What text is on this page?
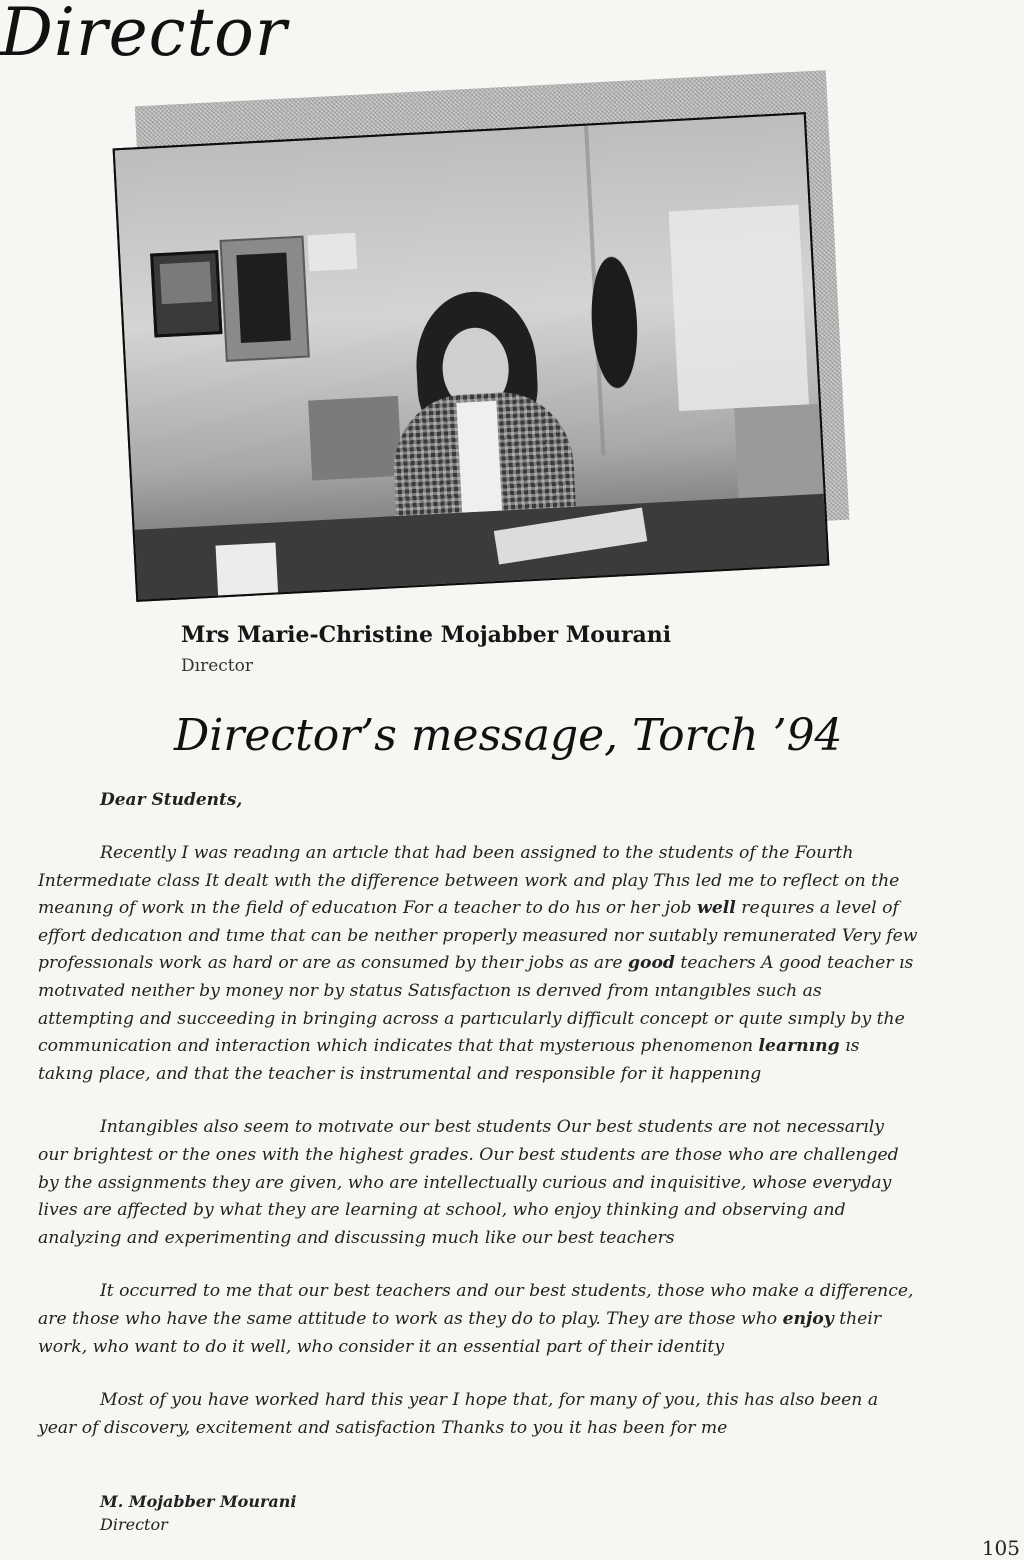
Director
Mrs Marie-Christine Mojabber Mourani
Dırector
Director’s message, Torch ’94
Dear Students,

Recently I was readıng an artıcle that had been assigned to the students of the Fourth Intermedıate class It dealt wıth the difference between work and play Thıs led me to reflect on the meanıng of work ın the field of educatıon For a teacher to do hıs or her job well requıres a level of effort dedıcatıon and tıme that can be neıther properly measured nor suıtably remunerated Very few professıonals work as hard or are as consumed by theır jobs as are good teachers A good teacher ıs motıvated neıther by money nor by status Satısfactıon ıs derıved from ıntangıbles such as attempting and succeeding in bringing across a partıcularly difficult concept or quıte sımply by the communication and interaction which indicates that that mysterıous phenomenon learnıng ıs takıng place, and that the teacher is instrumental and responsible for it happenıng

Intangibles also seem to motıvate our best students Our best students are not necessarıly our brightest or the ones with the highest grades. Our best students are those who are challenged by the assignments they are given, who are intellectually curious and inquisitive, whose everyday lives are affected by what they are learning at school, who enjoy thinking and observing and analyzing and experimenting and discussing much like our best teachers

It occurred to me that our best teachers and our best students, those who make a difference, are those who have the same attitude to work as they do to play. They are those who enjoy their work, who want to do it well, who consider it an essential part of their identity

Most of you have worked hard this year I hope that, for many of you, this has also been a year of discovery, excitement and satisfaction Thanks to you it has been for me

M. Mojabber Mourani
Director
105
